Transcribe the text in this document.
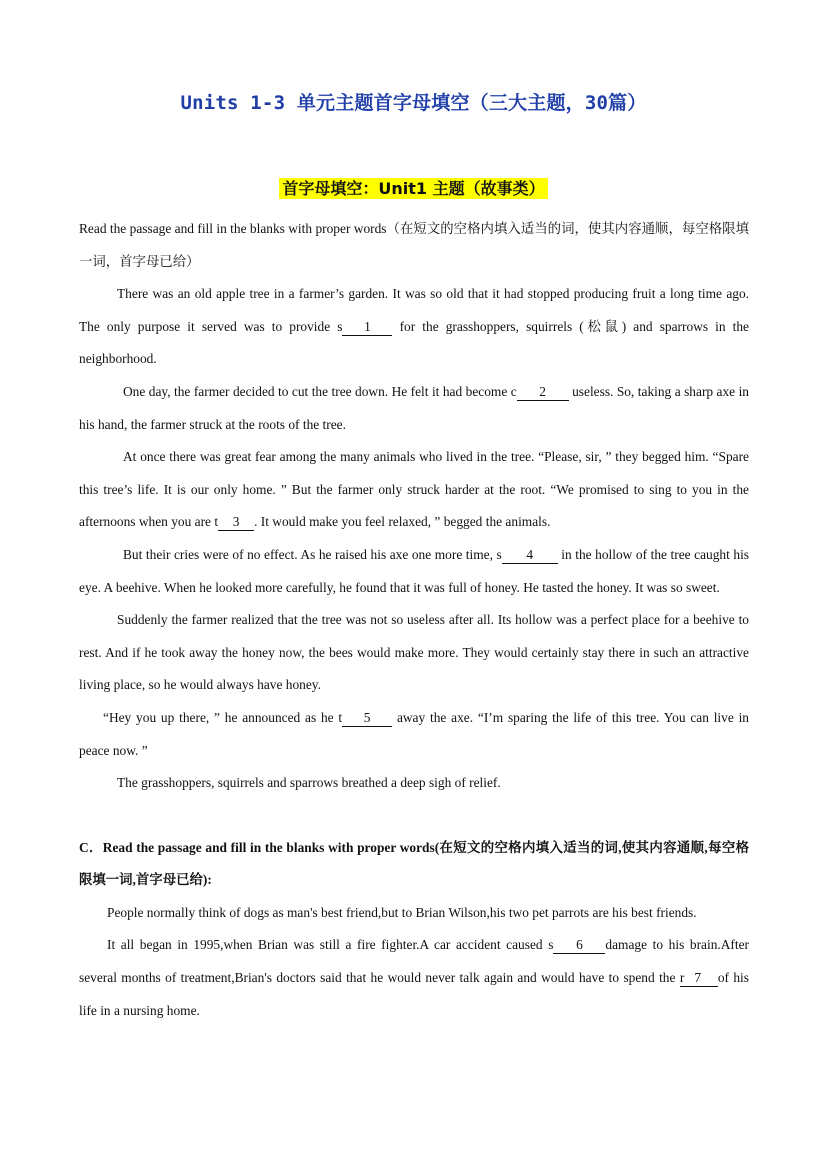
Units 1-3 单元主题首字母填空（三大主题，30篇）
首字母填空：Unit1 主题（故事类）

Read the passage and fill in the blanks with proper words（在短文的空格内填入适当的词，使其内容通顺，每空格限填一词，首字母已给）

There was an old apple tree in a farmer’s garden. It was so old that it had stopped producing fruit a long time ago. The only purpose it served was to provide s 1 for the grasshoppers, squirrels (松鼠) and sparrows in the neighborhood.

One day, the farmer decided to cut the tree down. He felt it had become c 2 useless. So, taking a sharp axe in his hand, the farmer struck at the roots of the tree.

At once there was great fear among the many animals who lived in the tree. “Please, sir, ” they begged him. “Spare this tree’s life. It is our only home. ” But the farmer only struck harder at the root. “We promised to sing to you in the afternoons when you are t 3 . It would make you feel relaxed, ” begged the animals.

But their cries were of no effect. As he raised his axe one more time, s 4 in the hollow of the tree caught his eye. A beehive. When he looked more carefully, he found that it was full of honey. He tasted the honey. It was so sweet.

Suddenly the farmer realized that the tree was not so useless after all. Its hollow was a perfect place for a beehive to rest. And if he took away the honey now, the bees would make more. They would certainly stay there in such an attractive living place, so he would always have honey.

“Hey you up there, ” he announced as he t 5 away the axe. “I’m sparing the life of this tree. You can live in peace now. ”

The grasshoppers, squirrels and sparrows breathed a deep sigh of relief.

C．Read the passage and fill in the blanks with proper words(在短文的空格内填入适当的词,使其内容通顺,每空格限填一词,首字母已给):

People normally think of dogs as man's best friend,but to Brian Wilson,his two pet parrots are his best friends.

It all began in 1995,when Brian was still a fire fighter.A car accident caused s 6 damage to his brain.After several months of treatment,Brian's doctors said that he would never talk again and would have to spend the r 7 of his life in a nursing home.
